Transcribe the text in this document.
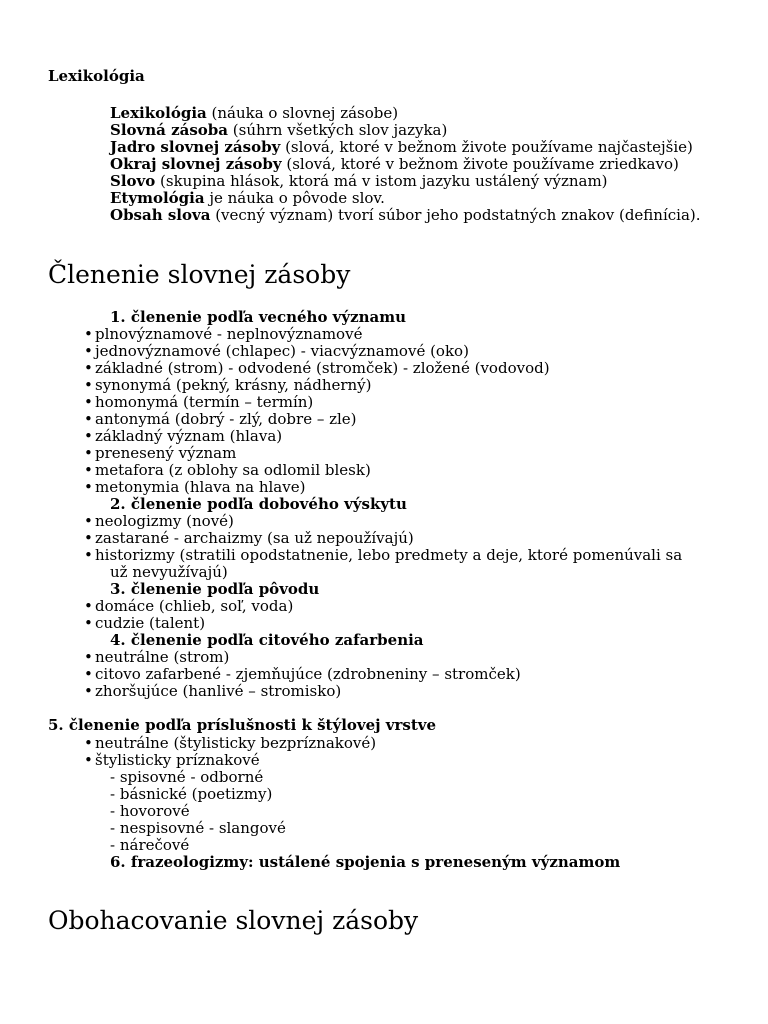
Lexikológia
Lexikológia (náuka o slovnej zásobe)
Slovná zásoba (súhrn všetkých slov jazyka)
Jadro slovnej zásoby (slová, ktoré v bežnom živote používame najčastejšie)
Okraj slovnej zásoby (slová, ktoré v bežnom živote používame zriedkavo)
Slovo (skupina hlások, ktorá má v istom jazyku ustálený význam)
Etymológia je náuka o pôvode slov.
Obsah slova (vecný význam) tvorí súbor jeho podstatných znakov (definícia).
Členenie slovnej zásoby
1. členenie podľa vecného významu
• plnovýznamové - neplnovýznamové
• jednovýznamové (chlapec) - viacvýznamové (oko)
• základné (strom) - odvodené (stromček) - zložené (vodovod)
• synonymá (pekný, krásny, nádherný)
• homonymá (termín – termín)
• antonymá (dobrý - zlý, dobre – zle)
• základný význam (hlava)
• prenesený význam
• metafora (z oblohy sa odlomil blesk)
• metonymia (hlava na hlave)
2. členenie podľa dobového výskytu
• neologizmy (nové)
• zastarané - archaizmy (sa už nepoužívajú)
• historizmy (stratili opodstatnenie, lebo predmety a deje, ktoré pomenúvali sa
už nevyužívajú)
3. členenie podľa pôvodu
• domáce (chlieb, soľ, voda)
• cudzie (talent)
4. členenie podľa citového zafarbenia
• neutrálne (strom)
• citovo zafarbené - zjemňujúce (zdrobneniny – stromček)
• zhoršujúce (hanlivé – stromisko)
5. členenie podľa príslušnosti k štýlovej vrstve
• neutrálne (štylisticky bezpríznakové)
• štylisticky príznakové
- spisovné - odborné
- básnické (poetizmy)
- hovorové
- nespisovné - slangové
- nárečové
6. frazeologizmy: ustálené spojenia s preneseným významom
Obohacovanie slovnej zásoby
